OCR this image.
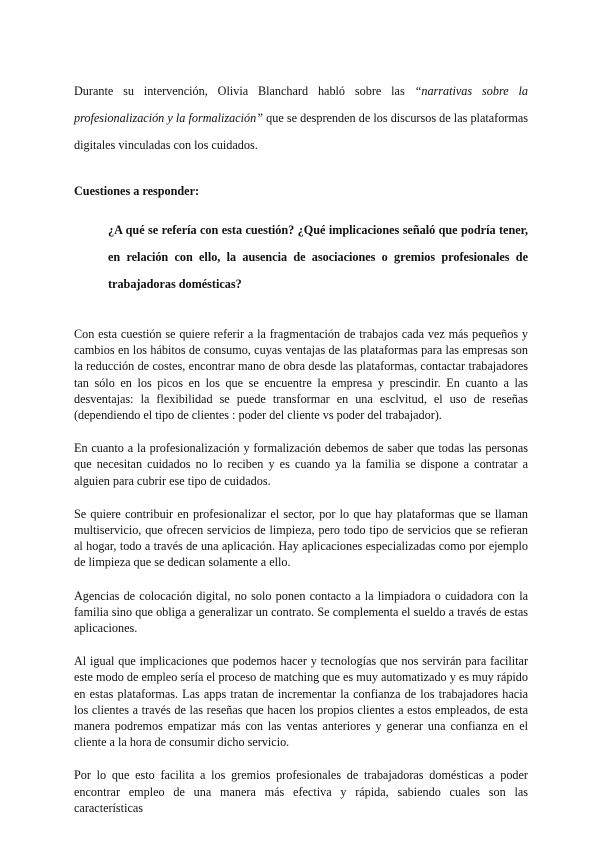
Durante su intervención, Olivia Blanchard habló sobre las “narrativas sobre la profesionalización y la formalización” que se desprenden de los discursos de las plataformas digitales vinculadas con los cuidados.

Cuestiones a responder:

¿A qué se refería con esta cuestión? ¿Qué implicaciones señaló que podría tener, en relación con ello, la ausencia de asociaciones o gremios profesionales de trabajadoras domésticas?

Con esta cuestión se quiere referir a la fragmentación de trabajos cada vez más pequeños y cambios en los hábitos de consumo, cuyas ventajas de las plataformas para las empresas son la reducción de costes, encontrar mano de obra desde las plataformas, contactar trabajadores tan sólo en los picos en los que se encuentre la empresa y prescindir. En cuanto a las desventajas: la flexibilidad se puede transformar en una esclvitud, el uso de reseñas (dependiendo el tipo de clientes : poder del cliente vs poder del trabajador).

En cuanto a la profesionalización y formalización debemos de saber que todas las personas que necesitan cuidados no lo reciben y es cuando ya la familia se dispone a contratar a alguien para cubrir ese tipo de cuidados.

Se quiere contribuir en profesionalizar el sector, por lo que hay plataformas que se llaman multiservicio, que ofrecen servicios de limpieza, pero todo tipo de servicios que se refieran al hogar, todo a través de una aplicación. Hay aplicaciones especializadas como por ejemplo de limpieza que se dedican solamente a ello.

Agencias de colocación digital, no solo ponen contacto a la limpiadora o cuidadora con la familia sino que obliga a generalizar un contrato. Se complementa el sueldo a través de estas aplicaciones.

Al igual que implicaciones que podemos hacer y tecnologías que nos servirán para facilitar este modo de empleo sería el proceso de matching que es muy automatizado y es muy rápido en estas plataformas. Las apps tratan de incrementar la confianza de los trabajadores hacia los clientes a través de las reseñas que hacen los propios clientes a estos empleados, de esta manera podremos empatizar más con las ventas anteriores y generar una confianza en el cliente a la hora de consumir dicho servicio.

Por lo que esto facilita a los gremios profesionales de trabajadoras domésticas a poder encontrar empleo de una manera más efectiva y rápida, sabiendo cuales son las características
